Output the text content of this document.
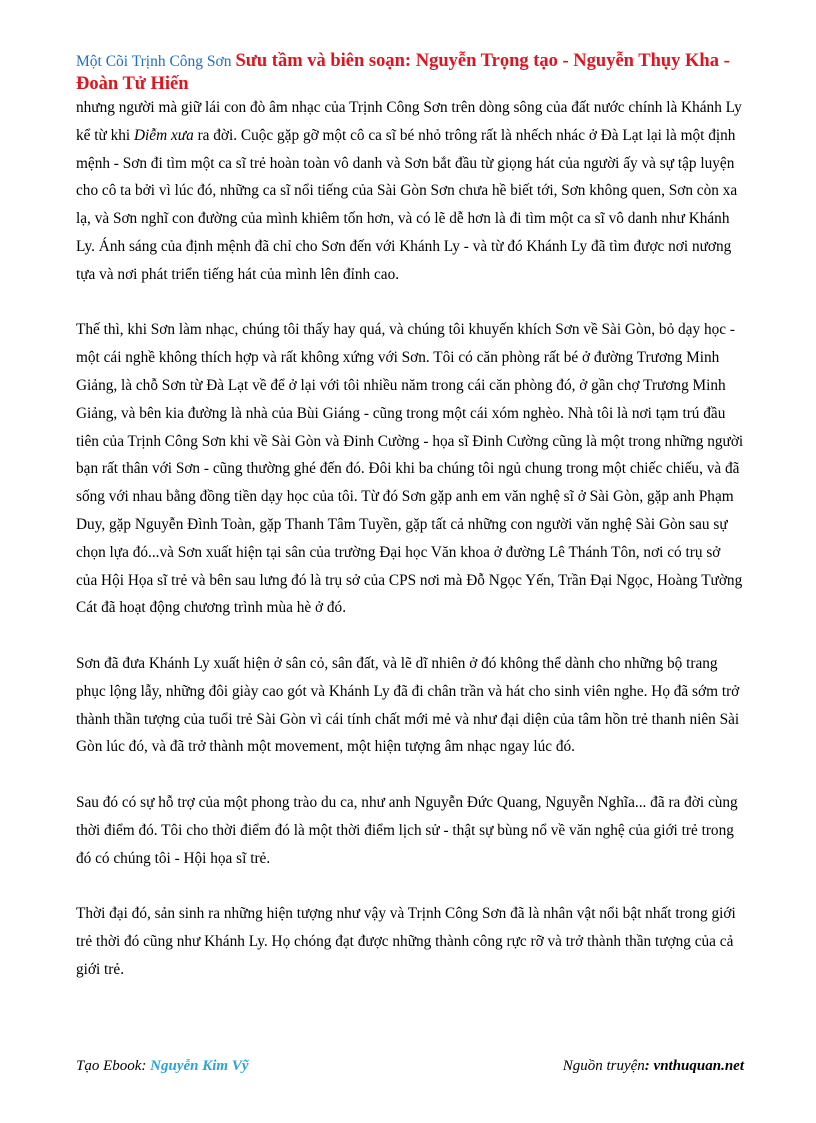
Một Cõi Trịnh Công Sơn Sưu tầm và biên soạn: Nguyễn Trọng tạo - Nguyễn Thụy Kha - Đoàn Tử Hiến

nhưng người mà giữ lái con đò âm nhạc của Trịnh Công Sơn trên dòng sông của đất nước chính là Khánh Ly kể từ khi Diễm xưa ra đời. Cuộc gặp gỡ một cô ca sĩ bé nhỏ trông rất là nhếch nhác ở Đà Lạt lại là một định mệnh - Sơn đi tìm một ca sĩ trẻ hoàn toàn vô danh và Sơn bắt đầu từ giọng hát của người ấy và sự tập luyện cho cô ta bởi vì lúc đó, những ca sĩ nổi tiếng của Sài Gòn Sơn chưa hề biết tới, Sơn không quen, Sơn còn xa lạ, và Sơn nghĩ con đường của mình khiêm tốn hơn, và có lẽ dễ hơn là đi tìm một ca sĩ vô danh như Khánh Ly. Ánh sáng của định mệnh đã chỉ cho Sơn đến với Khánh Ly - và từ đó Khánh Ly đã tìm được nơi nương tựa và nơi phát triển tiếng hát của mình lên đỉnh cao.

Thế thì, khi Sơn làm nhạc, chúng tôi thấy hay quá, và chúng tôi khuyến khích Sơn về Sài Gòn, bỏ dạy học - một cái nghề không thích hợp và rất không xứng với Sơn. Tôi có căn phòng rất bé ở đường Trương Minh Giảng, là chỗ Sơn từ Đà Lạt về để ở lại với tôi nhiều năm trong cái căn phòng đó, ở gần chợ Trương Minh Giảng, và bên kia đường là nhà của Bùi Giáng - cũng trong một cái xóm nghèo. Nhà tôi là nơi tạm trú đầu tiên của Trịnh Công Sơn khi về Sài Gòn và Đinh Cường - họa sĩ Đinh Cường cũng là một trong những người bạn rất thân với Sơn - cũng thường ghé đến đó. Đôi khi ba chúng tôi ngủ chung trong một chiếc chiếu, và đã sống với nhau bằng đồng tiền dạy học của tôi. Từ đó Sơn gặp anh em văn nghệ sĩ ở Sài Gòn, gặp anh Phạm Duy, gặp Nguyễn Đình Toàn, gặp Thanh Tâm Tuyền, gặp tất cả những con người văn nghệ Sài Gòn sau sự chọn lựa đó...và Sơn xuất hiện tại sân của trường Đại học Văn khoa ở đường Lê Thánh Tôn, nơi có trụ sở của Hội Họa sĩ trẻ và bên sau lưng đó là trụ sở của CPS nơi mà Đỗ Ngọc Yến, Trần Đại Ngọc, Hoàng Tường Cát đã hoạt động chương trình mùa hè ở đó.

Sơn đã đưa Khánh Ly xuất hiện ở sân cỏ, sân đất, và lẽ dĩ nhiên ở đó không thể dành cho những bộ trang phục lộng lẫy, những đôi giày cao gót và Khánh Ly đã đi chân trần và hát cho sinh viên nghe. Họ đã sớm trở thành thần tượng của tuổi trẻ Sài Gòn vì cái tính chất mới mẻ và như đại diện của tâm hồn trẻ thanh niên Sài Gòn lúc đó, và đã trở thành một movement, một hiện tượng âm nhạc ngay lúc đó.

Sau đó có sự hỗ trợ của một phong trào du ca, như anh Nguyễn Đức Quang, Nguyễn Nghĩa... đã ra đời cùng thời điểm đó. Tôi cho thời điểm đó là một thời điểm lịch sử - thật sự bùng nổ về văn nghệ của giới trẻ trong đó có chúng tôi - Hội họa sĩ trẻ.

Thời đại đó, sản sinh ra những hiện tượng như vậy và Trịnh Công Sơn đã là nhân vật nổi bật nhất trong giới trẻ thời đó cũng như Khánh Ly. Họ chóng đạt được những thành công rực rỡ và trở thành thần tượng của cả giới trẻ.

Tạo Ebook: Nguyễn Kim Vỹ	Nguồn truyện: vnthuquan.net
